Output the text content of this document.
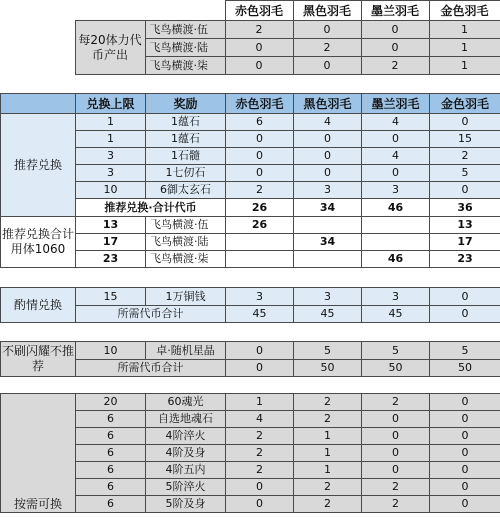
			赤色羽毛	黑色羽毛	墨兰羽毛	金色羽毛
	每20体力代币产出	飞鸟横渡·伍	2	0	0	1
		飞鸟横渡·陆	0	2	0	1
		飞鸟横渡·柒	0	0	2	1
	兑换上限	奖励	赤色羽毛	黑色羽毛	墨兰羽毛	金色羽毛
推荐兑换	1	1蕴石	6	4	4	0
	1	1蕴石	0	0	0	15
	3	1石髓	0	0	4	2
	3	1七仞石	0	0	0	5
	10	6御太玄石	2	3	3	0
	推荐兑换·合计代币		26	34	46	36
推荐兑换合计用体1060	13	飞鸟横渡·伍	26			13
	17	飞鸟横渡·陆		34		17
	23	飞鸟横渡·柒			46	23
酌情兑换	15	1万铜钱	3	3	3	0
	所需代币合计		45	45	45	0
不刷闪耀不推荐	10	卓·随机星晶	0	5	5	5
	所需代币合计		0	50	50	50
按需可换	20	60魂光	1	2	2	0
	6	自选地魂石	4	2	0	0
	6	4阶淬火	2	1	0	0
	6	4阶及身	2	1	0	0
	6	4阶五内	2	1	0	0
	6	5阶淬火	0	2	2	0
	6	5阶及身	0	2	2	0
